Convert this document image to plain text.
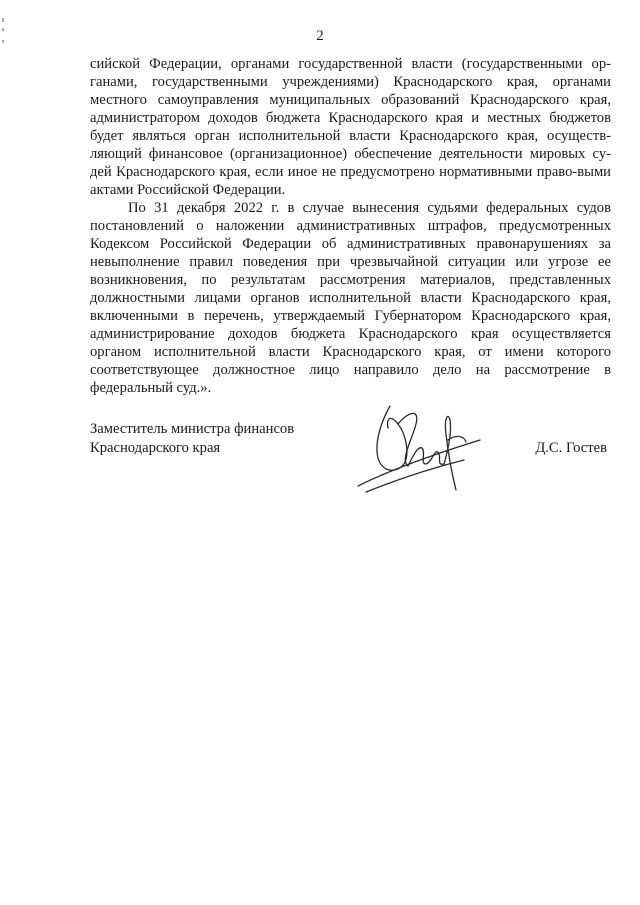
2

сийской Федерации, органами государственной власти (государственными ор-ганами, государственными учреждениями) Краснодарского края, органами местного самоуправления муниципальных образований Краснодарского края, администратором доходов бюджета Краснодарского края и местных бюджетов будет являться орган исполнительной власти Краснодарского края, осуществ-ляющий финансовое (организационное) обеспечение деятельности мировых су-дей Краснодарского края, если иное не предусмотрено нормативными право-выми актами Российской Федерации.

По 31 декабря 2022 г. в случае вынесения судьями федеральных судов постановлений о наложении административных штрафов, предусмотренных Кодексом Российской Федерации об административных правонарушениях за невыполнение правил поведения при чрезвычайной ситуации или угрозе ее возникновения, по результатам рассмотрения материалов, представленных должностными лицами органов исполнительной власти Краснодарского края, включенными в перечень, утверждаемый Губернатором Краснодарского края, администрирование доходов бюджета Краснодарского края осуществляется органом исполнительной власти Краснодарского края, от имени которого соответствующее должностное лицо направило дело на рассмотрение в федеральный суд.».

Заместитель министра финансов
Краснодарского края	Д.С. Гостев
